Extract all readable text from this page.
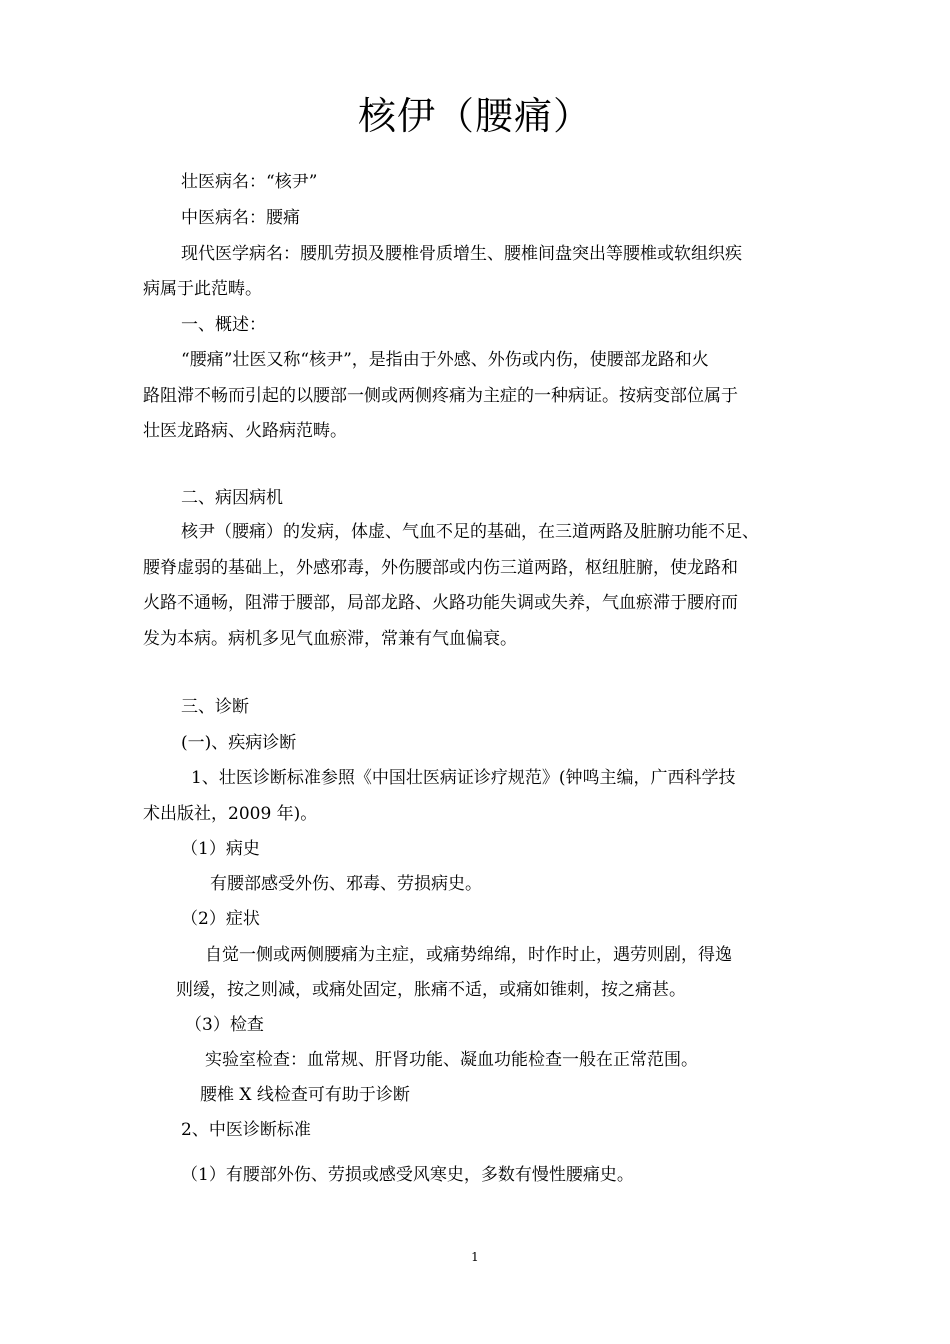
核伊（腰痛）
壮医病名：“核尹”
中医病名：腰痛
现代医学病名：腰肌劳损及腰椎骨质增生、腰椎间盘突出等腰椎或软组织疾
病属于此范畴。
一、概述：
“腰痛”壮医又称“核尹”，是指由于外感、外伤或内伤，使腰部龙路和火
路阻滞不畅而引起的以腰部一侧或两侧疼痛为主症的一种病证。按病变部位属于
壮医龙路病、火路病范畴。
二、病因病机
核尹（腰痛）的发病，体虚、气血不足的基础，在三道两路及脏腑功能不足、
腰脊虚弱的基础上，外感邪毒，外伤腰部或内伤三道两路，枢纽脏腑，使龙路和
火路不通畅，阻滞于腰部，局部龙路、火路功能失调或失养，气血瘀滞于腰府而
发为本病。病机多见气血瘀滞，常兼有气血偏衰。
三、诊断
(一)、疾病诊断
1、壮医诊断标准参照《中国壮医病证诊疗规范》(钟鸣主编，广西科学技
术出版社，2009 年)。
（1）病史
有腰部感受外伤、邪毒、劳损病史。
（2）症状
自觉一侧或两侧腰痛为主症，或痛势绵绵，时作时止，遇劳则剧，得逸
则缓，按之则减，或痛处固定，胀痛不适，或痛如锥刺，按之痛甚。
（3）检查
实验室检查：血常规、肝肾功能、凝血功能检查一般在正常范围。
腰椎 X 线检查可有助于诊断
2、中医诊断标准
（1）有腰部外伤、劳损或感受风寒史，多数有慢性腰痛史。
1
